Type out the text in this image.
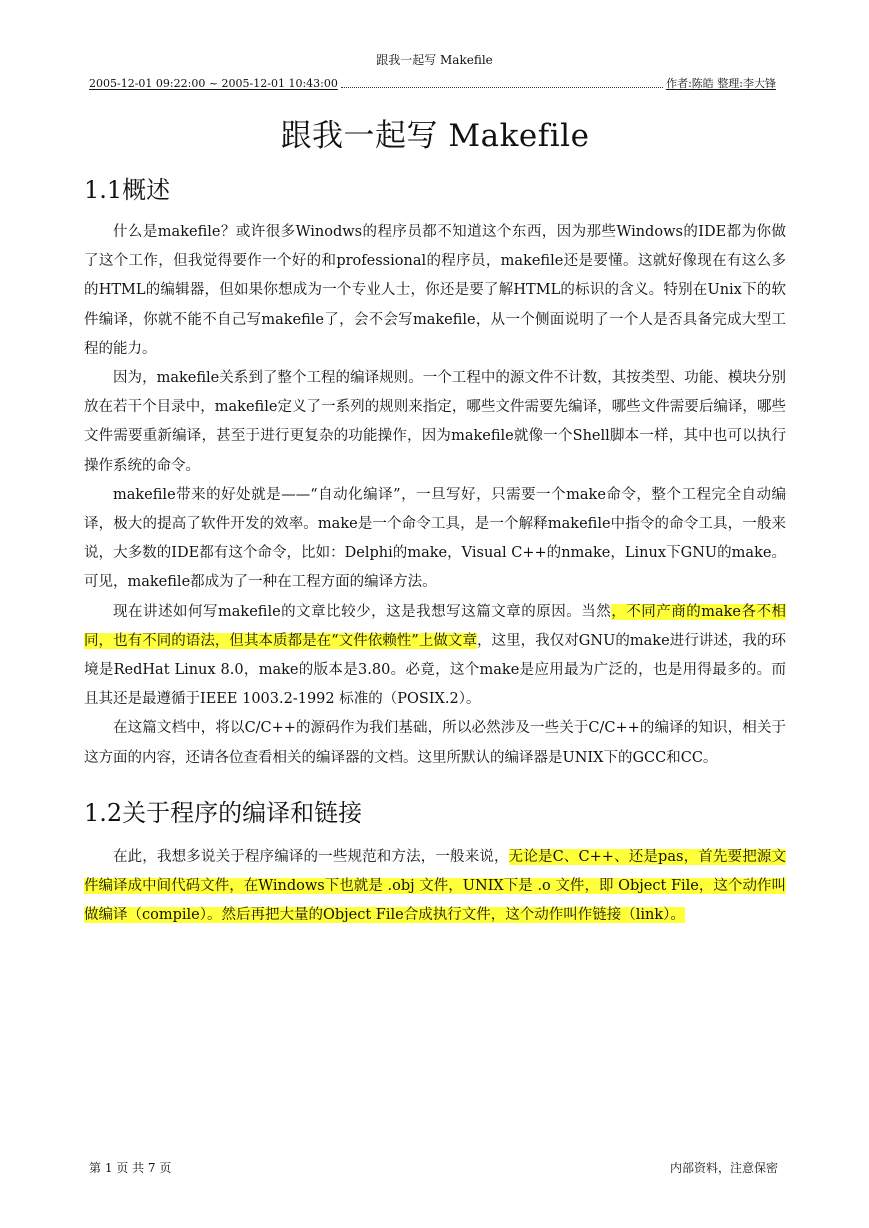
跟我一起写 Makefile
2005-12-01 09:22:00 ~ 2005-12-01 10:43:00	作者:陈皓 整理:李大锋
跟我一起写 Makefile
1.1概述

什么是makefile？或许很多Winodws的程序员都不知道这个东西，因为那些Windows的IDE都为你做了这个工作，但我觉得要作一个好的和professional的程序员，makefile还是要懂。这就好像现在有这么多的HTML的编辑器，但如果你想成为一个专业人士，你还是要了解HTML的标识的含义。特别在Unix下的软件编译，你就不能不自己写makefile了，会不会写makefile，从一个侧面说明了一个人是否具备完成大型工程的能力。

因为，makefile关系到了整个工程的编译规则。一个工程中的源文件不计数，其按类型、功能、模块分别放在若干个目录中，makefile定义了一系列的规则来指定，哪些文件需要先编译，哪些文件需要后编译，哪些文件需要重新编译，甚至于进行更复杂的功能操作，因为makefile就像一个Shell脚本一样，其中也可以执行操作系统的命令。

makefile带来的好处就是——“自动化编译”，一旦写好，只需要一个make命令，整个工程完全自动编译，极大的提高了软件开发的效率。make是一个命令工具，是一个解释makefile中指令的命令工具，一般来说，大多数的IDE都有这个命令，比如：Delphi的make，Visual C++的nmake，Linux下GNU的make。可见，makefile都成为了一种在工程方面的编译方法。

现在讲述如何写makefile的文章比较少，这是我想写这篇文章的原因。当然，不同产商的make各不相同，也有不同的语法，但其本质都是在“文件依赖性”上做文章，这里，我仅对GNU的make进行讲述，我的环境是RedHat Linux 8.0，make的版本是3.80。必竟，这个make是应用最为广泛的，也是用得最多的。而且其还是最遵循于IEEE 1003.2-1992 标准的（POSIX.2）。

在这篇文档中，将以C/C++的源码作为我们基础，所以必然涉及一些关于C/C++的编译的知识，相关于这方面的内容，还请各位查看相关的编译器的文档。这里所默认的编译器是UNIX下的GCC和CC。

1.2关于程序的编译和链接

在此，我想多说关于程序编译的一些规范和方法，一般来说，无论是C、C++、还是pas，首先要把源文件编译成中间代码文件，在Windows下也就是 .obj 文件，UNIX下是 .o 文件，即 Object File，这个动作叫做编译（compile）。然后再把大量的Object File合成执行文件，这个动作叫作链接（link）。

第 1 页 共 7 页	内部资料，注意保密
